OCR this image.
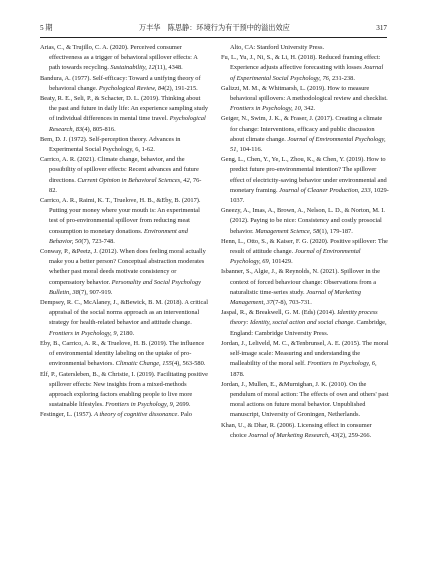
5 期	万丰华　陈思静：环境行为有干预中的溢出效应	317

Arias, C., & Trujillo, C. A. (2020). Perceived consumer effectiveness as a trigger of behavioral spillover effects: A path towards recycling. Sustainability, 12(11), 4348.

Bandura, A. (1977). Self-efficacy: Toward a unifying theory of behavioral change. Psychological Review, 84(2), 191-215.

Beaty, R. E., Seli, P., & Schacter, D. L. (2019). Thinking about the past and future in daily life: An experience sampling study of individual differences in mental time travel. Psychological Research, 83(4), 805-816.

Bem, D. J. (1972). Self-perception theory. Advances in Experimental Social Psychology, 6, 1-62.

Carrico, A. R. (2021). Climate change, behavior, and the possibility of spillover effects: Recent advances and future directions. Current Opinion in Behavioral Sciences, 42, 76-82.

Carrico, A. R., Raimi, K. T., Truelove, H. B., &Eby, B. (2017). Putting your money where your mouth is: An experimental test of pro-environmental spillover from reducing meat consumption to monetary donations. Environment and Behavior, 50(7), 723-748.

Conway, P., &Peetz, J. (2012). When does feeling moral actually make you a better person? Conceptual abstraction moderates whether past moral deeds motivate consistency or compensatory behavior. Personality and Social Psychology Bulletin, 38(7), 907-919.

Dempsey, R. C., McAlaney, J., &Bewick, B. M. (2018). A critical appraisal of the social norms approach as an interventional strategy for health-related behavior and attitude change. Frontiers in Psychology, 9, 2180.

Eby, B., Carrico, A. R., & Truelove, H. B. (2019). The influence of environmental identity labeling on the uptake of pro-environmental behaviors. Climatic Change, 155(4), 563-580.

Elf, P., Gatersleben, B., & Christie, I. (2019). Facilitating positive spillover effects: New insights from a mixed-methods approach exploring factors enabling people to live more sustainable lifestyles. Frontiers in Psychology, 9, 2699.

Festinger, L. (1957). A theory of cognitive dissonance. Palo

Alto, CA: Stanford University Press.

Fu, L., Yu, J., Ni, S., & Li, H. (2018). Reduced framing effect: Experience adjusts affective forecasting with losses Journal of Experimental Social Psychology, 76, 231-238.

Galizzi, M. M., & Whitmarsh, L. (2019). How to measure behavioral spillovers: A methodological review and checklist. Frontiers in Psychology, 10, 342.

Geiger, N., Swim, J. K., & Fraser, J. (2017). Creating a climate for change: Interventions, efficacy and public discussion about climate change. Journal of Environmental Psychology, 51, 104-116.

Geng, L., Chen, Y., Ye, L., Zhou, K., & Chen, Y. (2019). How to predict future pro-environmental intention? The spillover effect of electricity-saving behavior under environmental and monetary framing. Journal of Cleaner Production, 233, 1029-1037.

Gneezy, A., Imas, A., Brown, A., Nelson, L. D., & Norton, M. I. (2012). Paying to be nice: Consistency and costly prosocial behavior. Management Science, 58(1), 179-187.

Henn, L., Otto, S., & Kaiser, F. G. (2020). Positive spillover: The result of attitude change. Journal of Environmental Psychology, 69, 101429.

Isbanner, S., Algie, J., & Reynolds, N. (2021). Spillover in the context of forced behaviour change: Observations from a naturalistic time-series study. Journal of Marketing Management, 37(7-8), 703-731.

Jaspal, R., & Breakwell, G. M. (Eds) (2014). Identity process theory: Identity, social action and social change. Cambridge, England: Cambridge University Press.

Jordan, J., Leliveld, M. C., &Tenbrunsel, A. E. (2015). The moral self-image scale: Measuring and understanding the malleability of the moral self. Frontiers in Psychology, 6, 1878.

Jordan, J., Mullen, E., &Murnighan, J. K. (2010). On the pendulum of moral action: The effects of own and others' past moral actions on future moral behavior. Unpublished manuscript, University of Groningen, Netherlands.

Khan, U., & Dhar, R. (2006). Licensing effect in consumer choice Journal of Marketing Research, 43(2), 259-266.
